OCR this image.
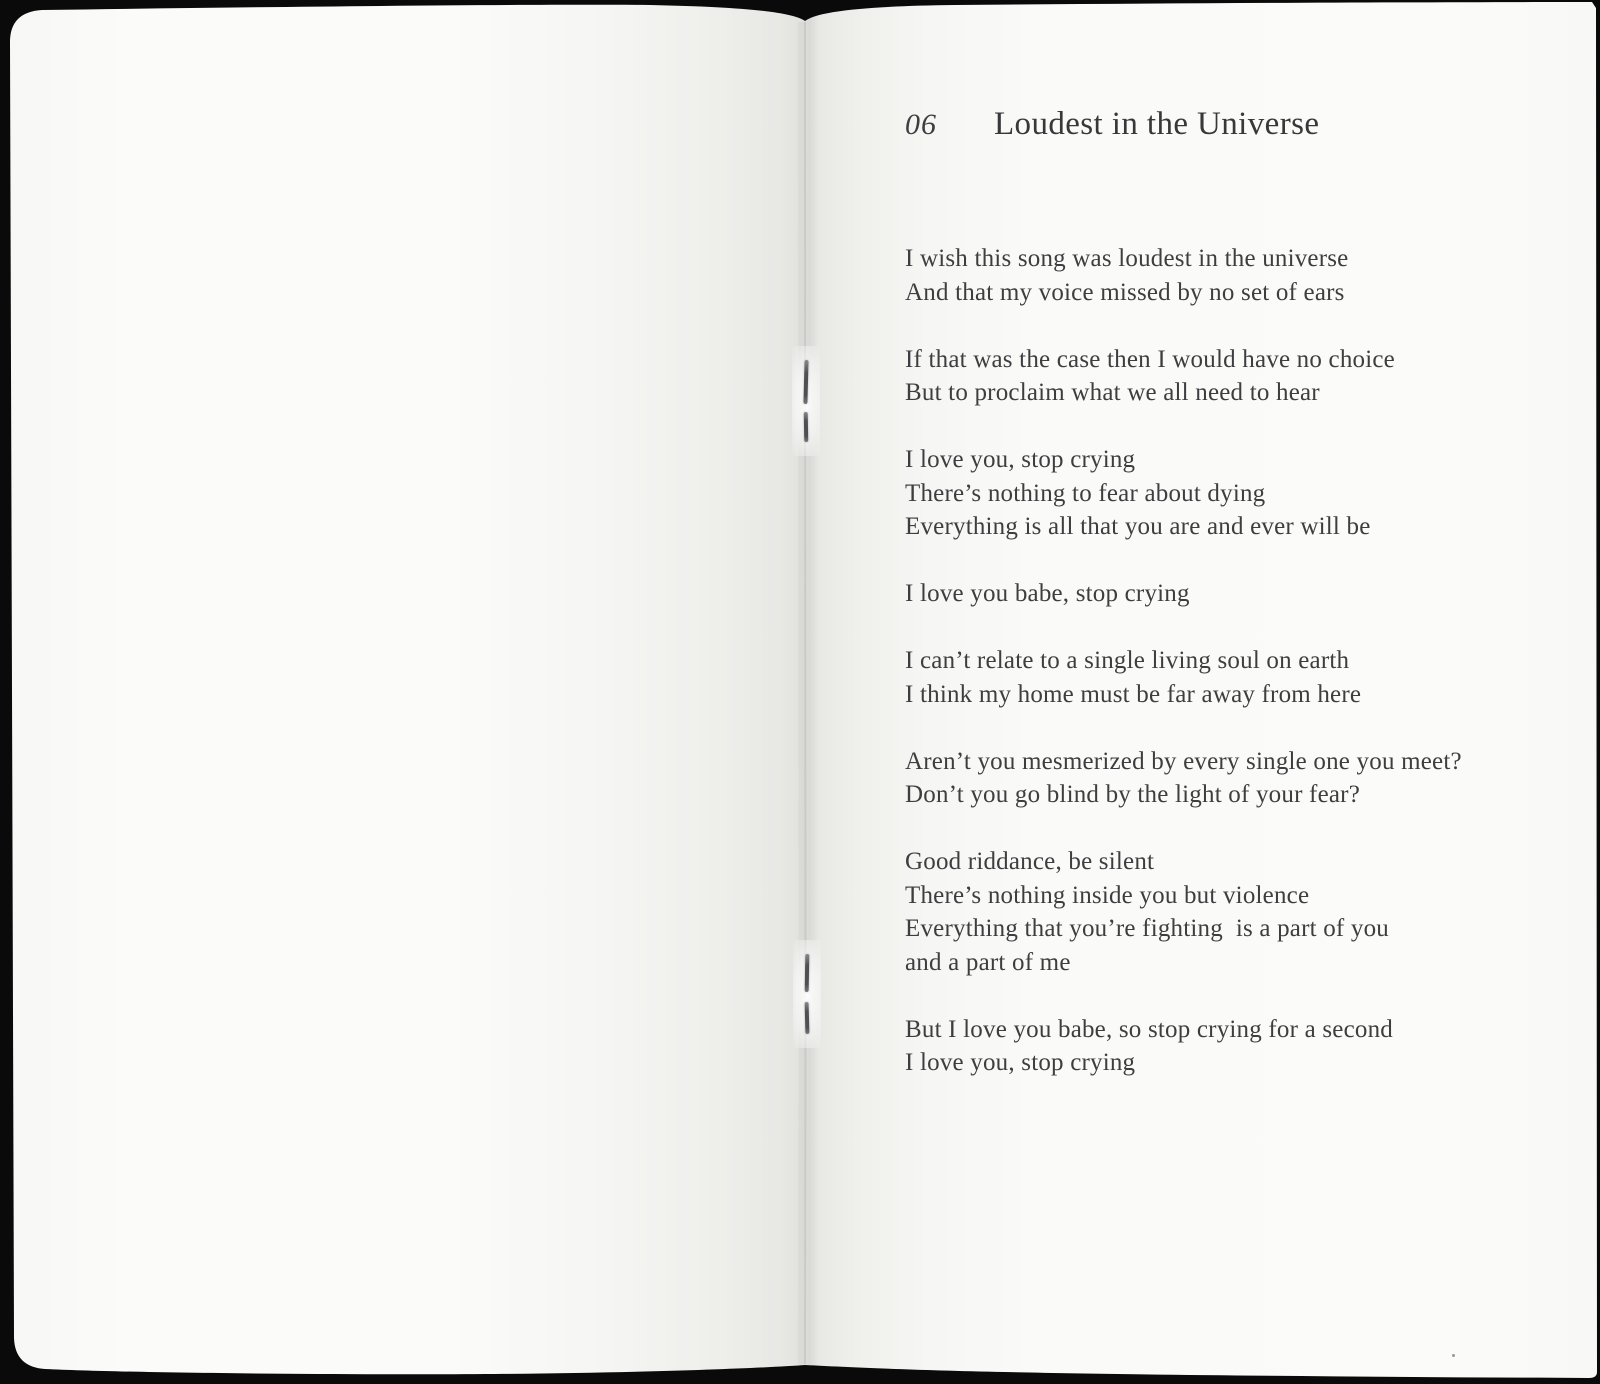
06 Loudest in the Universe
I wish this song was loudest in the universe
And that my voice missed by no set of ears
If that was the case then I would have no choice
But to proclaim what we all need to hear
I love you, stop crying
There’s nothing to fear about dying
Everything is all that you are and ever will be
I love you babe, stop crying
I can’t relate to a single living soul on earth
I think my home must be far away from here
Aren’t you mesmerized by every single one you meet?
Don’t you go blind by the light of your fear?
Good riddance, be silent
There’s nothing inside you but violence
Everything that you’re fighting  is a part of you
and a part of me
But I love you babe, so stop crying for a second
I love you, stop crying
